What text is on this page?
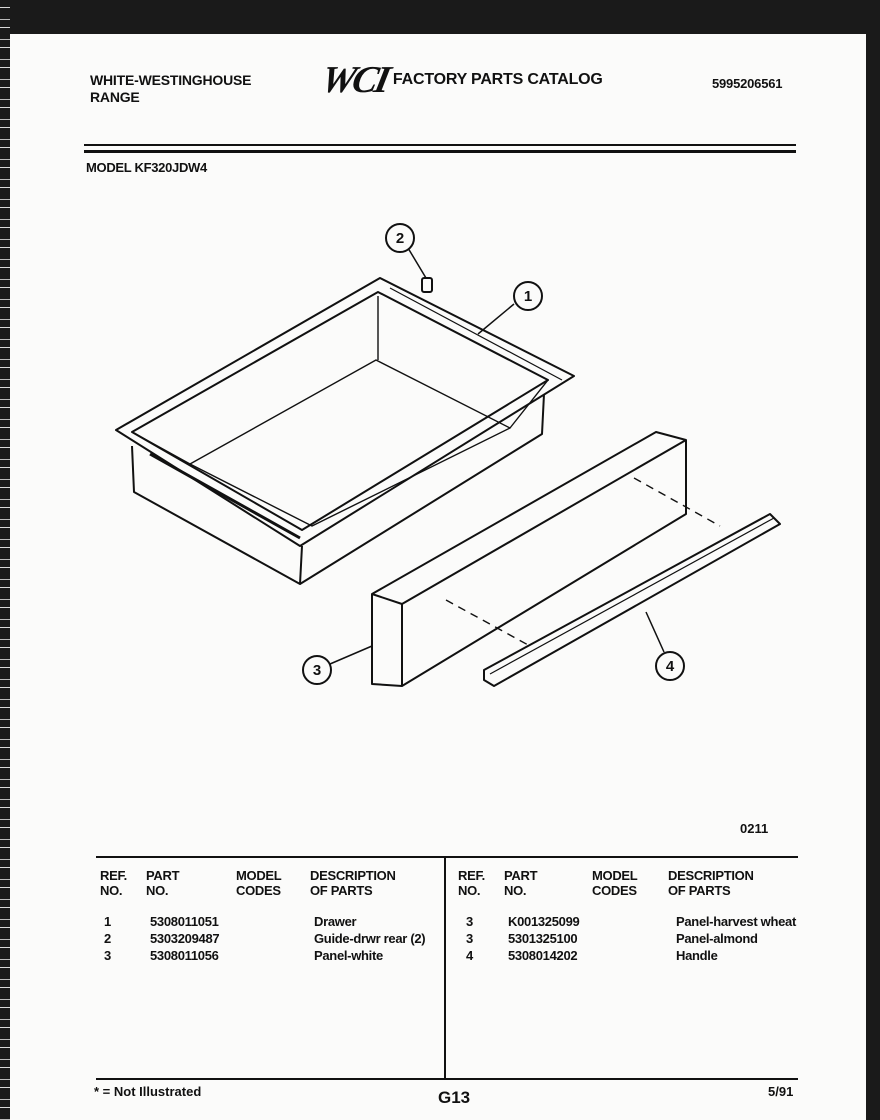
WHITE-WESTINGHOUSE
RANGE	WCI FACTORY PARTS CATALOG	5995206561
MODEL KF320JDW4
1
2
3	4
0211
REF.
NO.
PART
NO.
MODEL
CODES
DESCRIPTION
OF PARTS
REF.
NO.
PART
NO.
MODEL
CODES
DESCRIPTION
OF PARTS
1	5308011051	Drawer
2	5303209487	Guide-drwr rear (2)
3	5308011056	Panel-white
3	K001325099	Panel-harvest wheat
3	5301325100	Panel-almond
4	5308014202	Handle
* = Not Illustrated	G13	5/91
